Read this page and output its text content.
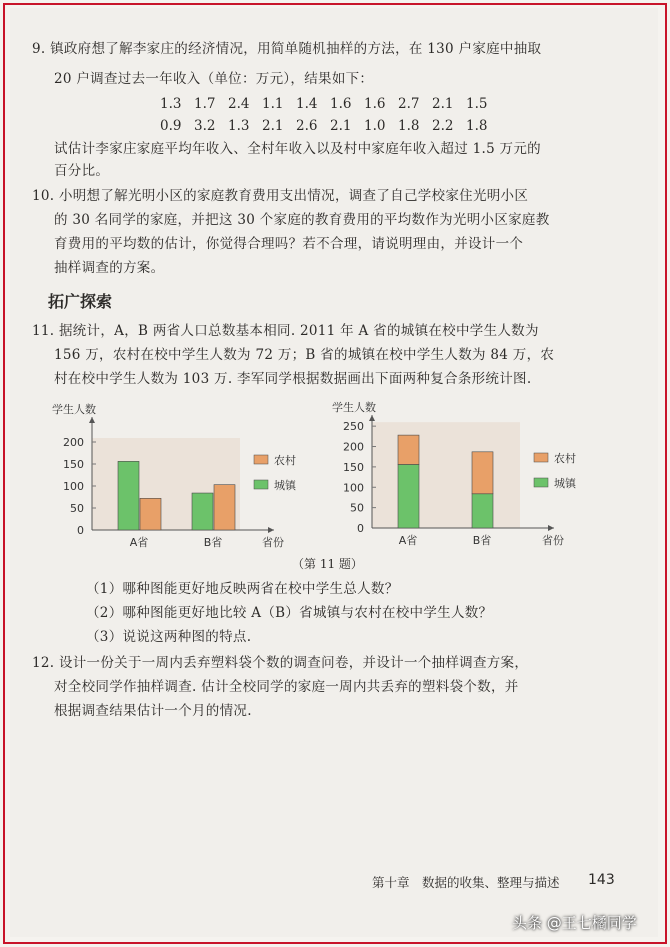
9. 镇政府想了解李家庄的经济情况，用简单随机抽样的方法，在 130 户家庭中抽取
20 户调查过去一年收入（单位：万元），结果如下：
1.3 1.7 2.4 1.1 1.4 1.6 1.6 2.7 2.1 1.5
0.9 3.2 1.3 2.1 2.6 2.1 1.0 1.8 2.2 1.8
试估计李家庄家庭平均年收入、全村年收入以及村中家庭年收入超过 1.5 万元的
百分比。
10. 小明想了解光明小区的家庭教育费用支出情况，调查了自己学校家住光明小区
的 30 名同学的家庭，并把这 30 个家庭的教育费用的平均数作为光明小区家庭教
育费用的平均数的估计，你觉得合理吗？若不合理，请说明理由，并设计一个
抽样调查的方案。
拓广探索
11. 据统计，A，B 两省人口总数基本相同. 2011 年 A 省的城镇在校中学生人数为
156 万，农村在校中学生人数为 72 万；B 省的城镇在校中学生人数为 84 万，农
村在校中学生人数为 103 万. 李军同学根据数据画出下面两种复合条形统计图.
学生人数
省份
0
50
100
150
200
A省	B省
农村
城镇
学生人数
省份
0
50
100
150
200
250
A省	B省
农村
城镇
（第 11 题）
（1）哪种图能更好地反映两省在校中学生总人数？
（2）哪种图能更好地比较 A（B）省城镇与农村在校中学生人数？
（3）说说这两种图的特点.
12. 设计一份关于一周内丢弃塑料袋个数的调查问卷，并设计一个抽样调查方案，
对全校同学作抽样调查. 估计全校同学的家庭一周内共丢弃的塑料袋个数，并
根据调查结果估计一个月的情况.
第十章　数据的收集、整理与描述 143
头条 @王七橘同学
